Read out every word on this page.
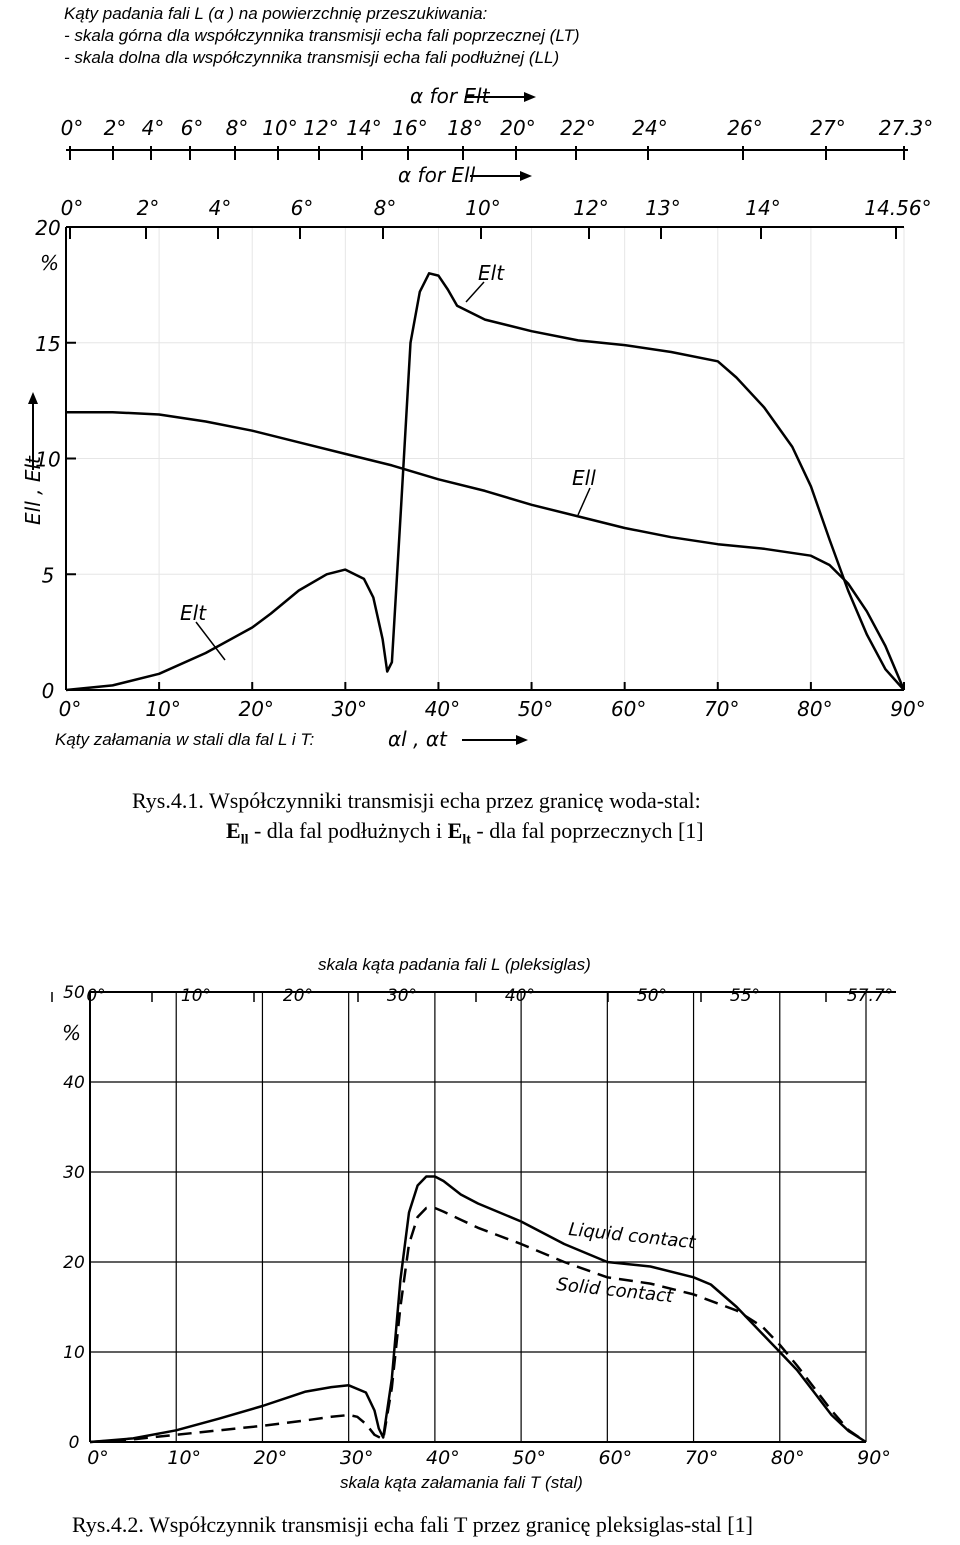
Kąty padania fali L (α ) na powierzchnię przeszukiwania:
- skala górna dla współczynnika transmisji echa fali poprzecznej (LT)
- skala dolna dla współczynnika transmisji echa fali podłużnej (LL)
0° 2° 4° 6° 8° 10° 12° 14° 16° 18° 20° 22° 24°	26° 27° 27.3°
0°	2° 4°	6°	8°	10°	12° 13°	14°	14.56°
0°	10°	20°	30°	40°	50°	60°	70°	80°	90°
0
5
10
15
20
Elt
Ell
Elt
α for Elt
α for Ell
%
Ell , Elt
Kąty załamania w stali dla fal L i T:	αl , αt
Rys.4.1. Współczynniki transmisji echa przez granicę woda-stal:
$E_{ll}$ - dla fal podłużnych i $E_{lt}$ - dla fal poprzecznych [1]
0°	10°	20°	30°	40°	50°	55°	57.7°
0°	10°	20°	30°	40°	50°	60°	70°	80°	90°
0
10
20
30
40
50
Liquid contact
Solid contact
skala kąta padania fali L (pleksiglas)
%
skala kąta załamania fali T (stal)
Rys.4.2. Współczynnik transmisji echa fali T przez granicę pleksiglas-stal [1]
